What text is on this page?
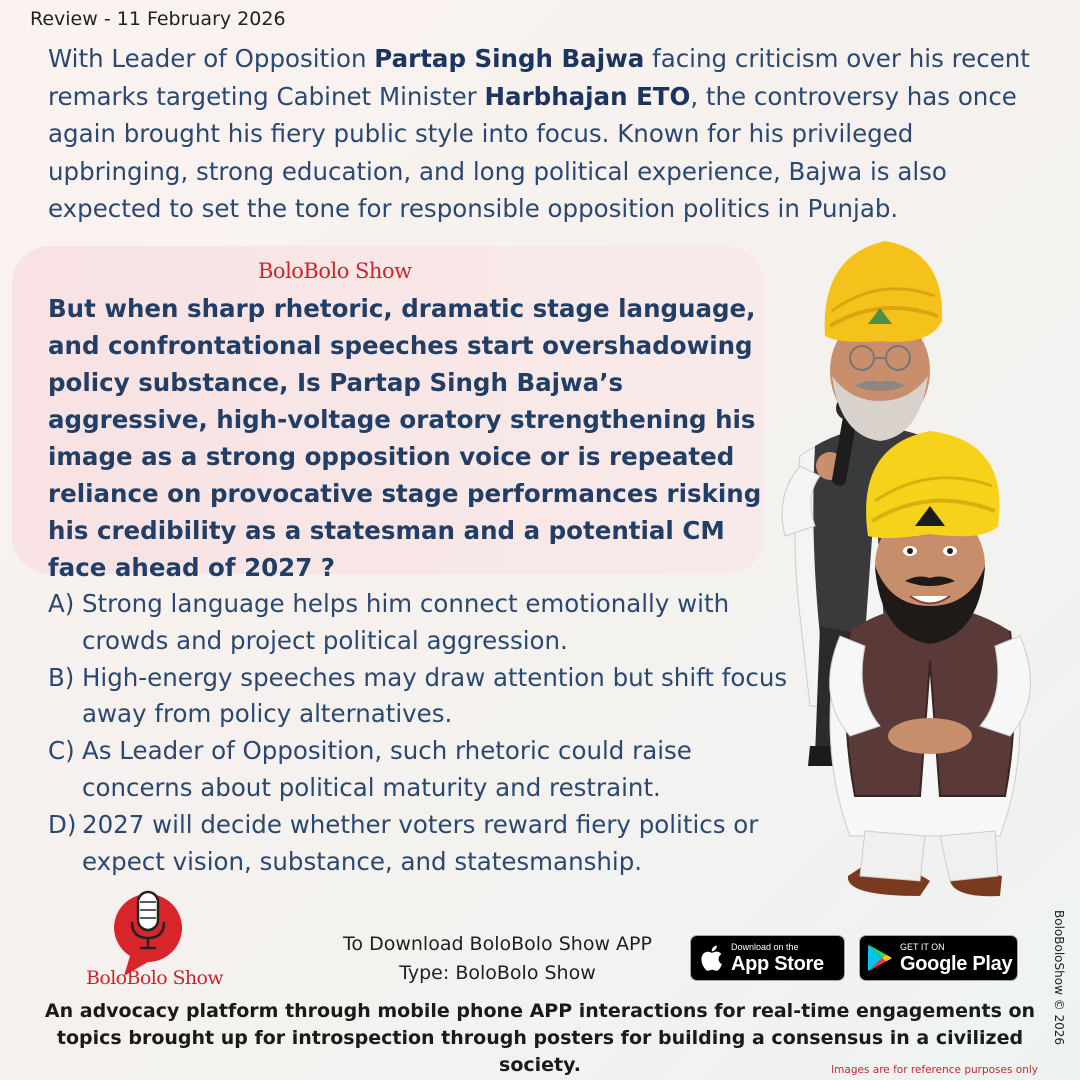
Review - 11 February 2026

With Leader of Opposition Partap Singh Bajwa facing criticism over his recent remarks targeting Cabinet Minister Harbhajan ETO, the controversy has once again brought his fiery public style into focus. Known for his privileged upbringing, strong education, and long political experience, Bajwa is also expected to set the tone for responsible opposition politics in Punjab.

BoloBolo Show

But when sharp rhetoric, dramatic stage language, and confrontational speeches start overshadowing policy substance, Is Partap Singh Bajwa’s aggressive, high-voltage oratory strengthening his image as a strong opposition voice or is repeated reliance on provocative stage performances risking his credibility as a statesman and a potential CM face ahead of 2027 ?

A) Strong language helps him connect emotionally with crowds and project political aggression.
B) High-energy speeches may draw attention but shift focus away from policy alternatives.
C) As Leader of Opposition, such rhetoric could raise concerns about political maturity and restraint.
D) 2027 will decide whether voters reward fiery politics or expect vision, substance, and statesmanship.
BoloBolo Show
To Download BoloBolo Show APP
Type: BoloBolo Show
Download on the
App Store
GET IT ON
Google Play

An advocacy platform through mobile phone APP interactions for real-time engagements on topics brought up for introspection through posters for building a consensus in a civilized society.

BoloBoloShow © 2026
Images are for reference purposes only
